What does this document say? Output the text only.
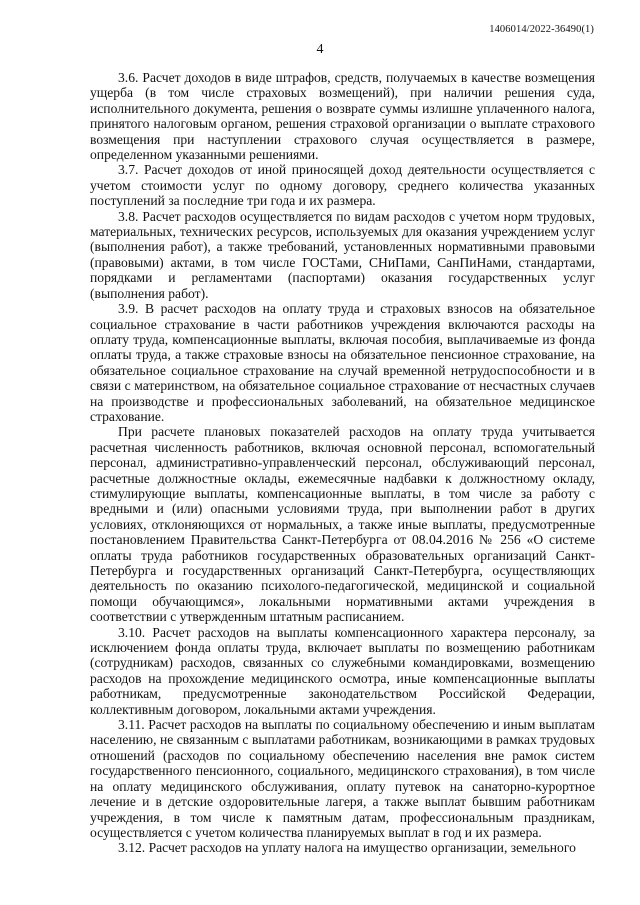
1406014/2022-36490(1)
4

3.6. Расчет доходов в виде штрафов, средств, получаемых в качестве возмещения ущерба (в том числе страховых возмещений), при наличии решения суда, исполнительного документа, решения о возврате суммы излишне уплаченного налога, принятого налоговым органом, решения страховой организации о выплате страхового возмещения при наступлении страхового случая осуществляется в размере, определенном указанными решениями.

3.7. Расчет доходов от иной приносящей доход деятельности осуществляется с учетом стоимости услуг по одному договору, среднего количества указанных поступлений за последние три года и их размера.

3.8. Расчет расходов осуществляется по видам расходов с учетом норм трудовых, материальных, технических ресурсов, используемых для оказания учреждением услуг (выполнения работ), а также требований, установленных нормативными правовыми (правовыми) актами, в том числе ГОСТами, СНиПами, СанПиНами, стандартами, порядками и регламентами (паспортами) оказания государственных услуг (выполнения работ).

3.9. В расчет расходов на оплату труда и страховых взносов на обязательное социальное страхование в части работников учреждения включаются расходы на оплату труда, компенсационные выплаты, включая пособия, выплачиваемые из фонда оплаты труда, а также страховые взносы на обязательное пенсионное страхование, на обязательное социальное страхование на случай временной нетрудоспособности и в связи с материнством, на обязательное социальное страхование от несчастных случаев на производстве и профессиональных заболеваний, на обязательное медицинское страхование.

При расчете плановых показателей расходов на оплату труда учитывается расчетная численность работников, включая основной персонал, вспомогательный персонал, административно-управленческий персонал, обслуживающий персонал, расчетные должностные оклады, ежемесячные надбавки к должностному окладу, стимулирующие выплаты, компенсационные выплаты, в том числе за работу с вредными и (или) опасными условиями труда, при выполнении работ в других условиях, отклоняющихся от нормальных, а также иные выплаты, предусмотренные постановлением Правительства Санкт-Петербурга от 08.04.2016 № 256 «О системе оплаты труда работников государственных образовательных организаций Санкт-Петербурга и государственных организаций Санкт-Петербурга, осуществляющих деятельность по оказанию психолого-педагогической, медицинской и социальной помощи обучающимся», локальными нормативными актами учреждения в соответствии с утвержденным штатным расписанием.

3.10. Расчет расходов на выплаты компенсационного характера персоналу, за исключением фонда оплаты труда, включает выплаты по возмещению работникам (сотрудникам) расходов, связанных со служебными командировками, возмещению расходов на прохождение медицинского осмотра, иные компенсационные выплаты работникам, предусмотренные законодательством Российской Федерации, коллективным договором, локальными актами учреждения.

3.11. Расчет расходов на выплаты по социальному обеспечению и иным выплатам населению, не связанным с выплатами работникам, возникающими в рамках трудовых отношений (расходов по социальному обеспечению населения вне рамок систем государственного пенсионного, социального, медицинского страхования), в том числе на оплату медицинского обслуживания, оплату путевок на санаторно-курортное лечение и в детские оздоровительные лагеря, а также выплат бывшим работникам учреждения, в том числе к памятным датам, профессиональным праздникам, осуществляется с учетом количества планируемых выплат в год и их размера.

3.12. Расчет расходов на уплату налога на имущество организации, земельного
